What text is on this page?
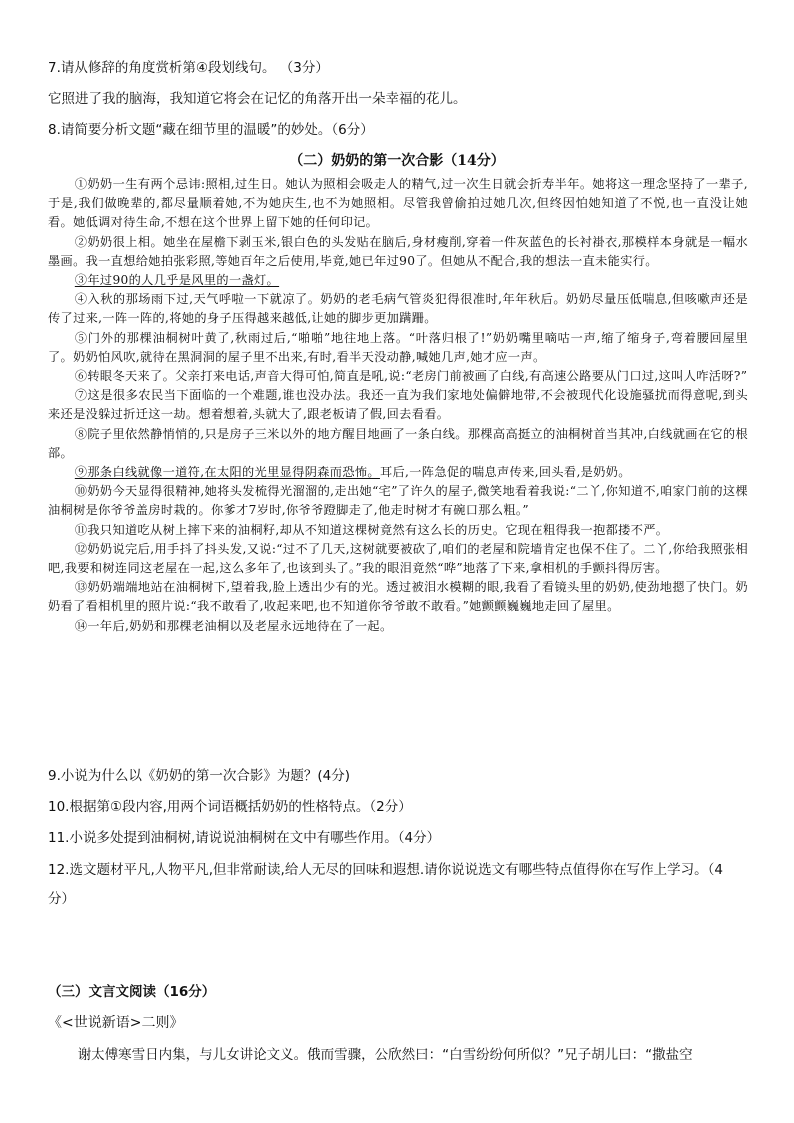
7.请从修辞的角度赏析第④段划线句。 （3分）
它照进了我的脑海，我知道它将会在记忆的角落开出一朵幸福的花儿。
8.请简要分析文题“藏在细节里的温暖”的妙处。（6分）
（二）奶奶的第一次合影（14分）

①奶奶一生有两个忌讳:照相,过生日。她认为照相会吸走人的精气,过一次生日就会折寿半年。她将这一理念坚持了一辈子,于是,我们做晚辈的,都尽量顺着她,不为她庆生,也不为她照相。尽管我曾偷拍过她几次,但终因怕她知道了不悦,也一直没让她看。她低调对待生命,不想在这个世界上留下她的任何印记。

②奶奶很上相。她坐在屋檐下剥玉米,银白色的头发贴在脑后,身材瘦削,穿着一件灰蓝色的长衬褂衣,那模样本身就是一幅水墨画。我一直想给她拍张彩照,等她百年之后使用,毕竟,她已年过90了。但她从不配合,我的想法一直未能实行。

③年过90的人几乎是风里的一盏灯。

④入秋的那场雨下过,天气呼啦一下就凉了。奶奶的老毛病气管炎犯得很准时,年年秋后。奶奶尽量压低喘息,但咳嗽声还是传了过来,一阵一阵的,将她的身子压得越来越低,让她的脚步更加蹒跚。

⑤门外的那棵油桐树叶黄了,秋雨过后,“啪啪”地往地上落。“叶落归根了!”奶奶嘴里嘀咕一声,缩了缩身子,弯着腰回屋里了。奶奶怕风吹,就待在黑洞洞的屋子里不出来,有时,看半天没动静,喊她几声,她才应一声。

⑥转眼冬天来了。父亲打来电话,声音大得可怕,简直是吼,说:“老房门前被画了白线,有高速公路要从门口过,这叫人咋活呀?”

⑦这是很多农民当下面临的一个难题,谁也没办法。我还一直为我们家地处偏僻地带,不会被现代化设施骚扰而得意呢,到头来还是没躲过折迁这一劫。想着想着,头就大了,跟老板请了假,回去看看。

⑧院子里依然静悄悄的,只是房子三米以外的地方醒目地画了一条白线。那棵高高挺立的油桐树首当其冲,白线就画在它的根部。

⑨那条白线就像一道符,在太阳的光里显得阴森而恐怖。耳后,一阵急促的喘息声传来,回头看,是奶奶。

⑩奶奶今天显得很精神,她将头发梳得光溜溜的,走出她“宅”了许久的屋子,微笑地看着我说:“二丫,你知道不,咱家门前的这棵油桐树是你爷爷盖房时栽的。你爹才7岁时,你爷爷蹬脚走了,他走时树才有碗口那么粗。”

⑪我只知道吃从树上摔下来的油桐籽,却从不知道这棵树竟然有这么长的历史。它现在粗得我一抱都搂不严。

⑫奶奶说完后,用手抖了抖头发,又说:“过不了几天,这树就要被砍了,咱们的老屋和院墙肯定也保不住了。二丫,你给我照张相吧,我要和树连同这老屋在一起,这么多年了,也该到头了。”我的眼泪竟然“哗”地落了下来,拿相机的手颤抖得厉害。

⑬奶奶端端地站在油桐树下,望着我,脸上透出少有的光。透过被泪水模糊的眼,我看了看镜头里的奶奶,使劲地摁了快门。奶奶看了看相机里的照片说:“我不敢看了,收起来吧,也不知道你爷爷敢不敢看。”她颤颤巍巍地走回了屋里。

⑭一年后,奶奶和那棵老油桐以及老屋永远地待在了一起。

9.小说为什么以《奶奶的第一次合影》为题？(4分)
10.根据第①段内容,用两个词语概括奶奶的性格特点。（2分）
11.小说多处提到油桐树,请说说油桐树在文中有哪些作用。（4分）
12.选文题材平凡,人物平凡,但非常耐读,给人无尽的回味和遐想.请你说说选文有哪些特点值得你在写作上学习。（4
分）
（三）文言文阅读（16分）
《<世说新语>二则》
谢太傅寒雪日内集，与儿女讲论文义。俄而雪骤，公欣然曰：“白雪纷纷何所似？”兄子胡儿曰：“撒盐空
